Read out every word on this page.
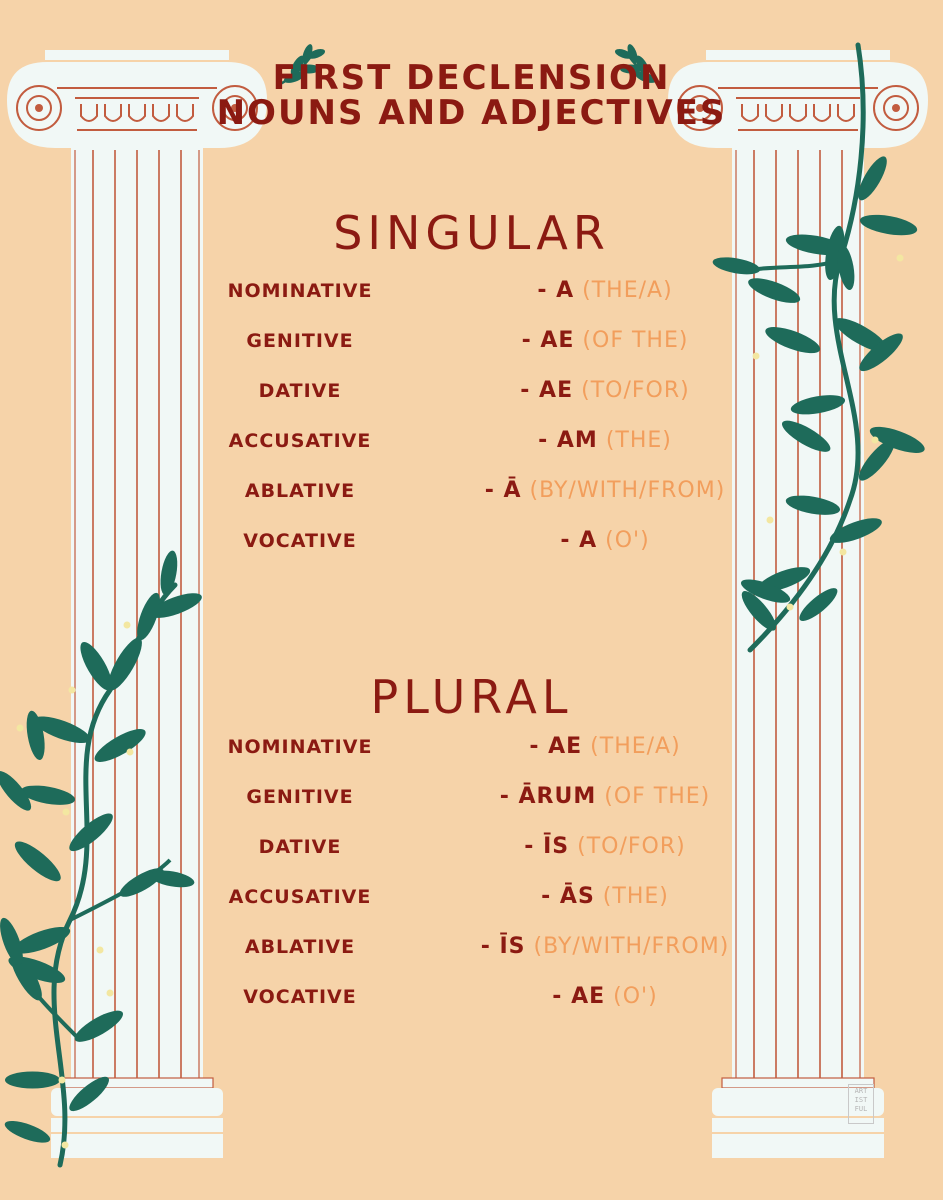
FIRST DECLENSION
NOUNS AND ADJECTIVES
SINGULAR
NOMINATIVE	- A (THE/A)
GENITIVE	- AE (OF THE)
DATIVE	- AE (TO/FOR)
ACCUSATIVE	- AM (THE)
ABLATIVE	- Ā (BY/WITH/FROM)
VOCATIVE	- A (O')
PLURAL
NOMINATIVE	- AE (THE/A)
GENITIVE	- ĀRUM (OF THE)
DATIVE	- ĪS (TO/FOR)
ACCUSATIVE	- ĀS (THE)
ABLATIVE	- ĪS (BY/WITH/FROM)
VOCATIVE	- AE (O')
ART IST FUL
